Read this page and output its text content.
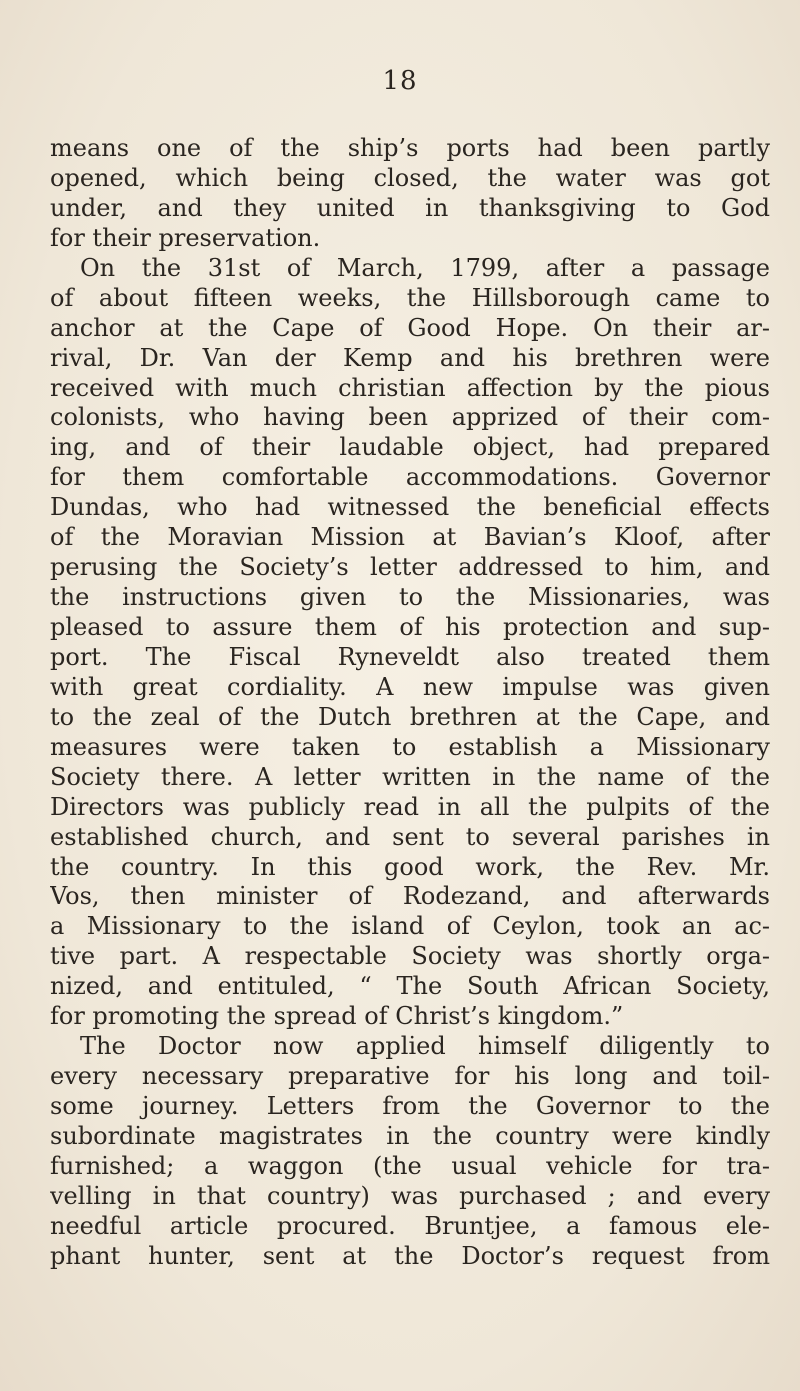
18
means one of the ship’s ports had been partly
opened, which being closed, the water was got
under, and they united in thanksgiving to God
for their preservation.
On the 31st of March, 1799, after a passage
of about fifteen weeks, the Hillsborough came to
anchor at the Cape of Good Hope. On their ar-
rival, Dr. Van der Kemp and his brethren were
received with much christian affection by the pious
colonists, who having been apprized of their com-
ing, and of their laudable object, had prepared
for them comfortable accommodations. Governor
Dundas, who had witnessed the beneficial effects
of the Moravian Mission at Bavian’s Kloof, after
perusing the Society’s letter addressed to him, and
the instructions given to the Missionaries, was
pleased to assure them of his protection and sup-
port. The Fiscal Ryneveldt also treated them
with great cordiality. A new impulse was given
to the zeal of the Dutch brethren at the Cape, and
measures were taken to establish a Missionary
Society there. A letter written in the name of the
Directors was publicly read in all the pulpits of the
established church, and sent to several parishes in
the country. In this good work, the Rev. Mr.
Vos, then minister of Rodezand, and afterwards
a Missionary to the island of Ceylon, took an ac-
tive part. A respectable Society was shortly orga-
nized, and entituled, “ The South African Society,
for promoting the spread of Christ’s kingdom.”
The Doctor now applied himself diligently to
every necessary preparative for his long and toil-
some journey. Letters from the Governor to the
subordinate magistrates in the country were kindly
furnished; a waggon (the usual vehicle for tra-
velling in that country) was purchased ; and every
needful article procured. Bruntjee, a famous ele-
phant hunter, sent at the Doctor’s request from
